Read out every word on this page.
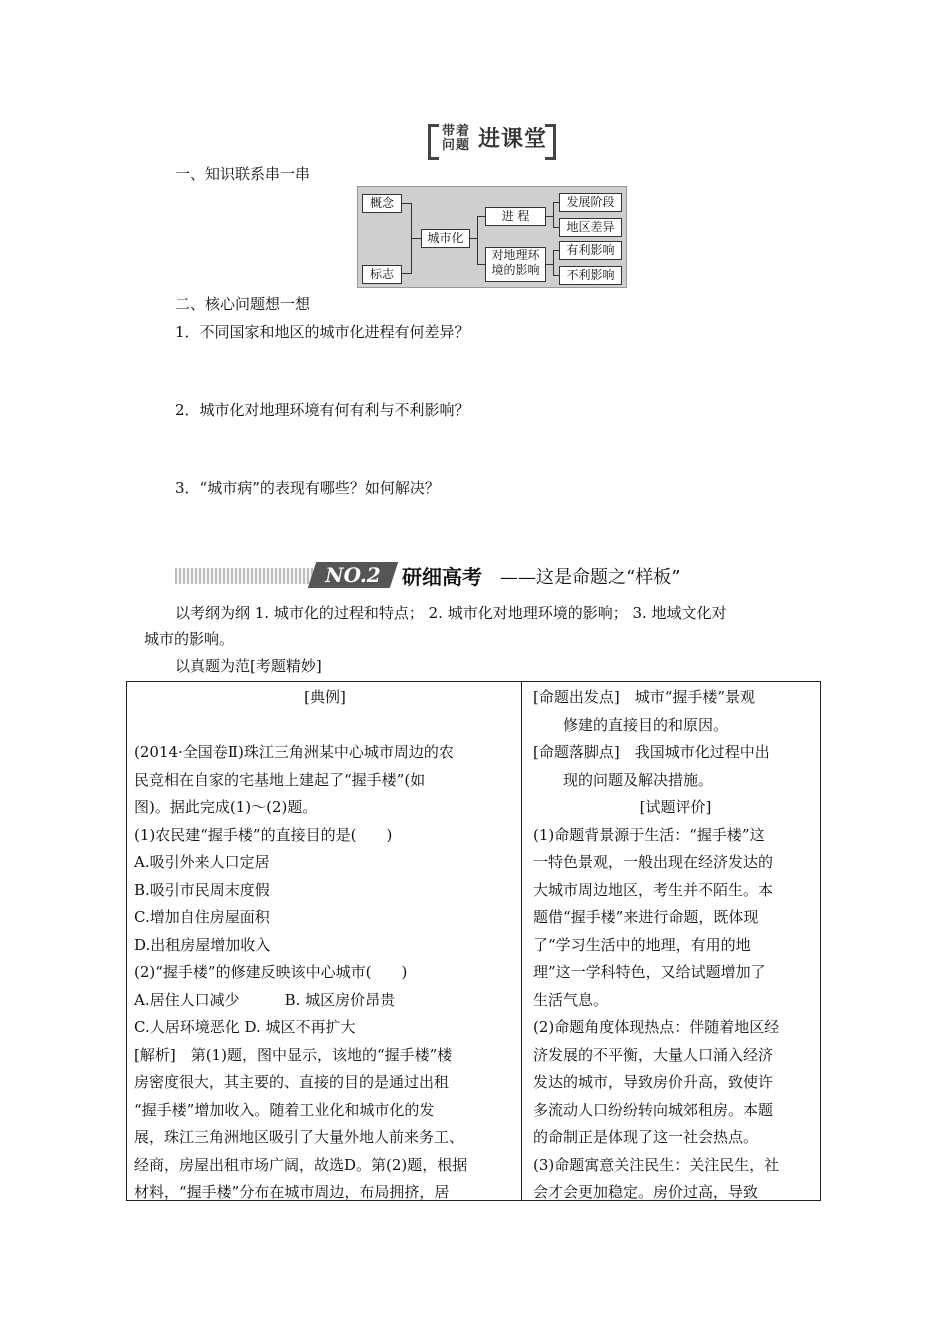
带着
问题 进课堂
一、知识联系串一串
概念
标志
城市化
进 程
对地理环
境的影响
发展阶段
地区差异
有利影响
不利影响
二、核心问题想一想
1．不同国家和地区的城市化进程有何差异？
2．城市化对地理环境有何有利与不利影响？
3．“城市病”的表现有哪些？如何解决？
NO.2	研细高考 ——这是命题之“样板”
以考纲为纲 1. 城市化的过程和特点； 2. 城市化对地理环境的影响； 3. 地域文化对
城市的影响。
以真题为范[考题精妙]
[典例]
(2014·全国卷Ⅱ)珠江三角洲某中心城市周边的农
民竞相在自家的宅基地上建起了“握手楼”(如
图)。据此完成(1)～(2)题。
(1)农民建“握手楼”的直接目的是(　　)
A.吸引外来人口定居
B.吸引市民周末度假
C.增加自住房屋面积
D.出租房屋增加收入
(2)“握手楼”的修建反映该中心城市(　　)
A.居住人口减少　　　B. 城区房价昂贵
C.人居环境恶化 D. 城区不再扩大
[解析]　第(1)题，图中显示，该地的“握手楼”楼
房密度很大，其主要的、直接的目的是通过出租
“握手楼”增加收入。随着工业化和城市化的发
展，珠江三角洲地区吸引了大量外地人前来务工、
经商，房屋出租市场广阔，故选D。第(2)题，根据
材料，“握手楼”分布在城市周边，布局拥挤，居
[命题出发点]　城市“握手楼”景观
　　修建的直接目的和原因。
[命题落脚点]　我国城市化过程中出
　　现的问题及解决措施。
[试题评价]
(1)命题背景源于生活：“握手楼”这
一特色景观，一般出现在经济发达的
大城市周边地区，考生并不陌生。本
题借“握手楼”来进行命题，既体现
了“学习生活中的地理，有用的地
理”这一学科特色，又给试题增加了
生活气息。
(2)命题角度体现热点：伴随着地区经
济发展的不平衡，大量人口涌入经济
发达的城市，导致房价升高，致使许
多流动人口纷纷转向城郊租房。本题
的命制正是体现了这一社会热点。
(3)命题寓意关注民生：关注民生，社
会才会更加稳定。房价过高，导致
